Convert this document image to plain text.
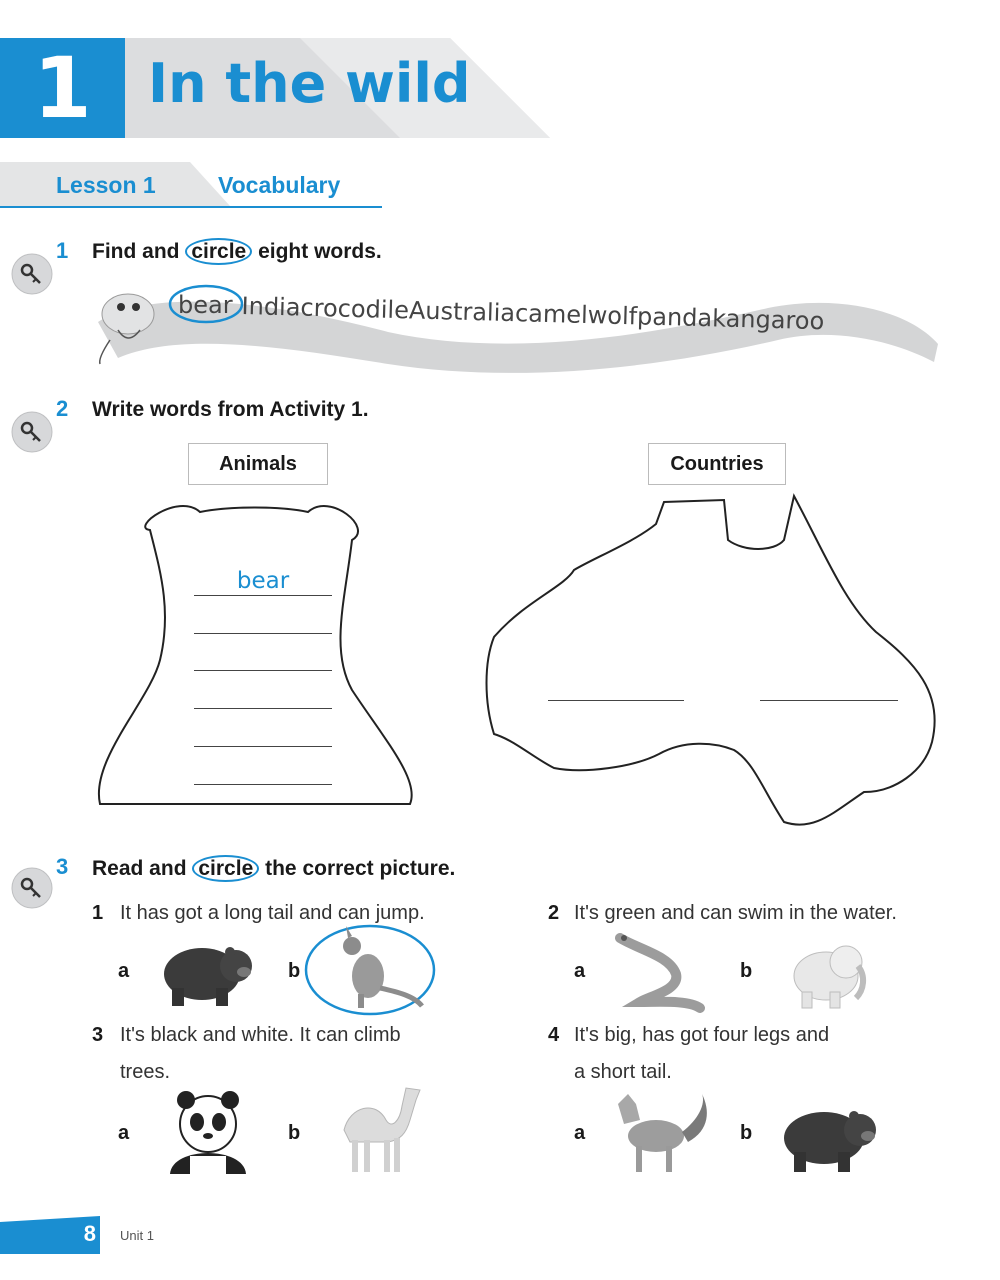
1	In the wild
Lesson 1	Vocabulary
1 Find and circle eight words.
bear IndiacrocodileAustraliacamelwolfpandakangaroo
2 Write words from Activity 1.
Animals	Countries
bear
3 Read and circle the correct picture.
1 It has got a long tail and can jump.
a	b
2 It's green and can swim in the water.
a	b
3 It's black and white. It can climb
trees.
a	b
4 It's big, has got four legs and
a short tail.
a	b
8 Unit 1
